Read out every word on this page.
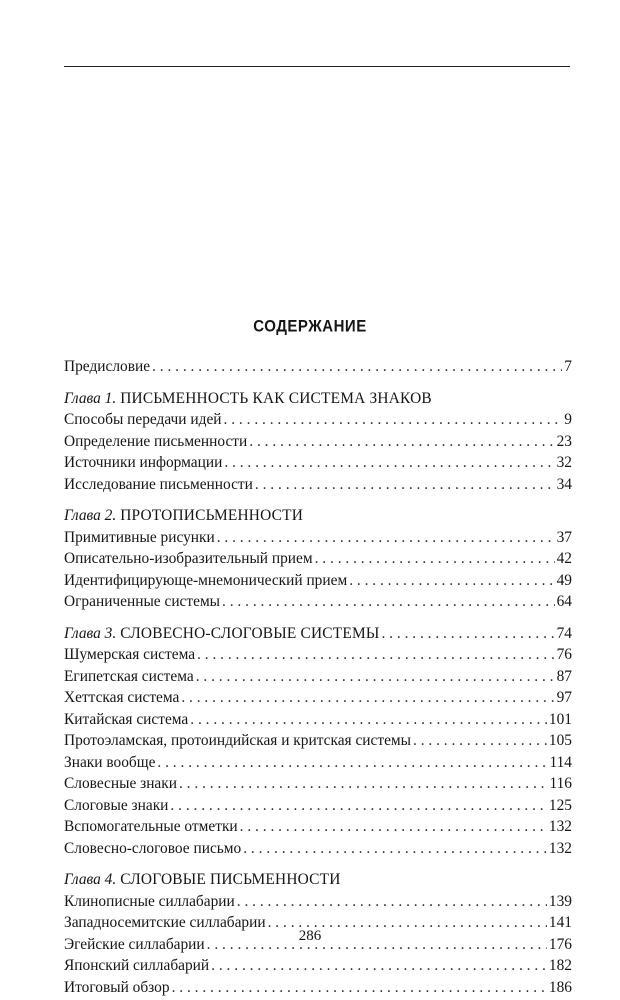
СОДЕРЖАНИЕ
Предисловие . . .	7
Глава 1. ПИСЬМЕННОСТЬ КАК СИСТЕМА ЗНАКОВ
Способы передачи идей . . .	9
Определение письменности . . .	23
Источники информации . . .	32
Исследование письменности . . .	34
Глава 2. ПРОТОПИСЬМЕННОСТИ
Примитивные рисунки . . .	37
Описательно-изобразительный прием . . .	42
Идентифицирующе-мнемонический прием . . .	49
Ограниченные системы . . .	64
Глава 3. СЛОВЕСНО-СЛОГОВЫЕ СИСТЕМЫ . . .	74
Шумерская система . . .	76
Египетская система . . .	87
Хеттская система . . .	97
Китайская система . . .	101
Протоэламская, протоиндийская и критская системы . . .	105
Знаки вообще . . .	114
Словесные знаки . . .	116
Слоговые знаки . . .	125
Вспомогательные отметки . . .	132
Словесно-слоговое письмо . . .	132
Глава 4. СЛОГОВЫЕ ПИСЬМЕННОСТИ
Клинописные силлабарии . . .	139
Западносемитские силлабарии . . .	141
Эгейские силлабарии . . .	176
Японский силлабарий . . .	182
Итоговый обзор . . .	186
286
